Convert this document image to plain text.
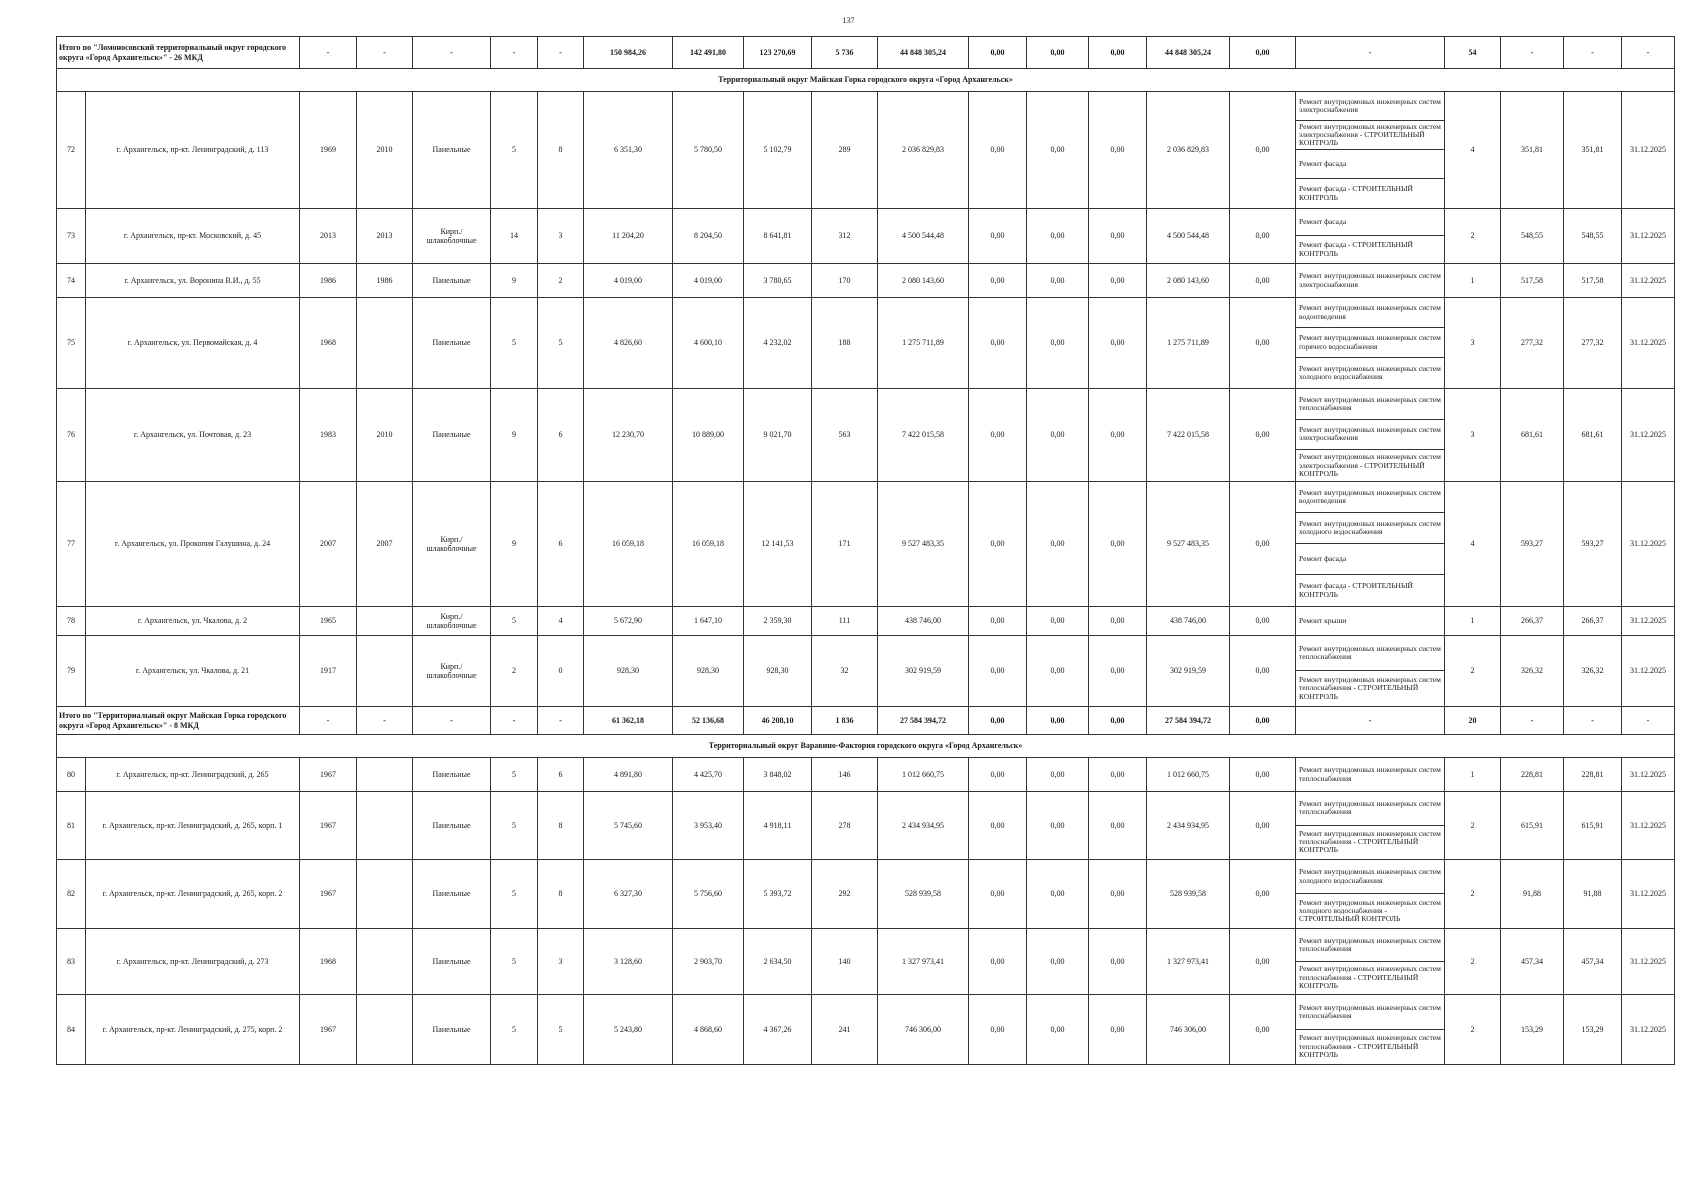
137
Итого по "Ломоносовский территориальный округ городского округа «Город Архангельск»" - 26 МКД		-	-	-	-	-	150 984,26	142 491,80	123 270,69	5 736	44 848 305,24	0,00	0,00	0,00	44 848 305,24	0,00	-	54	-	-	-
Территориальный округ Майская Горка городского округа «Город Архангельск»																					
72	г. Архангельск, пр-кт. Ленинградский, д. 113	1969	2010	Панельные	5	8	6 351,30	5 780,50	5 102,79	289	2 036 829,83	0,00	0,00	0,00	2 036 829,83	0,00	Ремонт внутридомовых инженерных систем электроснабжения
Ремонт внутридомовых инженерных систем электроснабжения - СТРОИТЕЛЬНЫЙ КОНТРОЛЬ
Ремонт фасада
Ремонт фасада - СТРОИТЕЛЬНЫЙ КОНТРОЛЬ	4	351,81	351,81	31.12.2025
73	г. Архангельск, пр-кт. Московский, д. 45	2013	2013	Кирп./ шлакоблочные	14	3	11 204,20	8 204,50	8 641,81	312	4 500 544,48	0,00	0,00	0,00	4 500 544,48	0,00	Ремонт фасада
Ремонт фасада - СТРОИТЕЛЬНЫЙ КОНТРОЛЬ	2	548,55	548,55	31.12.2025
74	г. Архангельск, ул. Воронина В.И., д. 55	1986	1986	Панельные	9	2	4 019,00	4 019,00	3 780,65	170	2 080 143,60	0,00	0,00	0,00	2 080 143,60	0,00	Ремонт внутридомовых инженерных систем электроснабжения	1	517,58	517,58	31.12.2025
75	г. Архангельск, ул. Первомайская, д. 4	1968		Панельные	5	5	4 826,60	4 600,10	4 232,02	188	1 275 711,89	0,00	0,00	0,00	1 275 711,89	0,00	Ремонт внутридомовых инженерных систем водоотведения
Ремонт внутридомовых инженерных систем горячего водоснабжения
Ремонт внутридомовых инженерных систем холодного водоснабжения	3	277,32	277,32	31.12.2025
76	г. Архангельск, ул. Почтовая, д. 23	1983	2010	Панельные	9	6	12 230,70	10 889,00	9 021,70	563	7 422 015,58	0,00	0,00	0,00	7 422 015,58	0,00	Ремонт внутридомовых инженерных систем теплоснабжения
Ремонт внутридомовых инженерных систем электроснабжения
Ремонт внутридомовых инженерных систем электроснабжения - СТРОИТЕЛЬНЫЙ КОНТРОЛЬ	3	681,61	681,61	31.12.2025
77	г. Архангельск, ул. Прокопия Галушина, д. 24	2007	2007	Кирп./ шлакоблочные	9	6	16 059,18	16 059,18	12 141,53	171	9 527 483,35	0,00	0,00	0,00	9 527 483,35	0,00	Ремонт внутридомовых инженерных систем водоотведения
Ремонт внутридомовых инженерных систем холодного водоснабжения
Ремонт фасада
Ремонт фасада - СТРОИТЕЛЬНЫЙ КОНТРОЛЬ	4	593,27	593,27	31.12.2025
78	г. Архангельск, ул. Чкалова, д. 2	1965		Кирп./ шлакоблочные	5	4	5 672,90	1 647,10	2 359,30	111	438 746,00	0,00	0,00	0,00	438 746,00	0,00	Ремонт крыши	1	266,37	266,37	31.12.2025
79	г. Архангельск, ул. Чкалова, д. 21	1917		Кирп./ шлакоблочные	2	0	928,30	928,30	928,30	32	302 919,59	0,00	0,00	0,00	302 919,59	0,00	Ремонт внутридомовых инженерных систем теплоснабжения
Ремонт внутридомовых инженерных систем теплоснабжения - СТРОИТЕЛЬНЫЙ КОНТРОЛЬ	2	326,32	326,32	31.12.2025
Итого по "Территориальный округ Майская Горка городского округа «Город Архангельск»" - 8 МКД		-	-	-	-	-	61 362,18	52 136,68	46 208,10	1 836	27 584 394,72	0,00	0,00	0,00	27 584 394,72	0,00	-	20	-	-	-
Территориальный округ Варавино-Фактория городского округа «Город Архангельск»																					
80	г. Архангельск, пр-кт. Ленинградский, д. 265	1967		Панельные	5	6	4 891,80	4 425,70	3 848,02	146	1 012 660,75	0,00	0,00	0,00	1 012 660,75	0,00	Ремонт внутридомовых инженерных систем теплоснабжения	1	228,81	228,81	31.12.2025
81	г. Архангельск, пр-кт. Ленинградский, д. 265, корп. 1	1967		Панельные	5	8	5 745,60	3 953,40	4 918,11	278	2 434 934,95	0,00	0,00	0,00	2 434 934,95	0,00	Ремонт внутридомовых инженерных систем теплоснабжения
Ремонт внутридомовых инженерных систем теплоснабжения - СТРОИТЕЛЬНЫЙ КОНТРОЛЬ	2	615,91	615,91	31.12.2025
82	г. Архангельск, пр-кт. Ленинградский, д. 265, корп. 2	1967		Панельные	5	8	6 327,30	5 756,60	5 393,72	292	528 939,58	0,00	0,00	0,00	528 939,58	0,00	Ремонт внутридомовых инженерных систем холодного водоснабжения
Ремонт внутридомовых инженерных систем холодного водоснабжения - СТРОИТЕЛЬНЫЙ КОНТРОЛЬ	2	91,88	91,88	31.12.2025
83	г. Архангельск, пр-кт. Ленинградский, д. 273	1968		Панельные	5	3	3 128,60	2 903,70	2 634,50	140	1 327 973,41	0,00	0,00	0,00	1 327 973,41	0,00	Ремонт внутридомовых инженерных систем теплоснабжения
Ремонт внутридомовых инженерных систем теплоснабжения - СТРОИТЕЛЬНЫЙ КОНТРОЛЬ	2	457,34	457,34	31.12.2025
84	г. Архангельск, пр-кт. Ленинградский, д. 275, корп. 2	1967		Панельные	5	5	5 243,80	4 868,60	4 367,26	241	746 306,00	0,00	0,00	0,00	746 306,00	0,00	Ремонт внутридомовых инженерных систем теплоснабжения
Ремонт внутридомовых инженерных систем теплоснабжения - СТРОИТЕЛЬНЫЙ КОНТРОЛЬ	2	153,29	153,29	31.12.2025
